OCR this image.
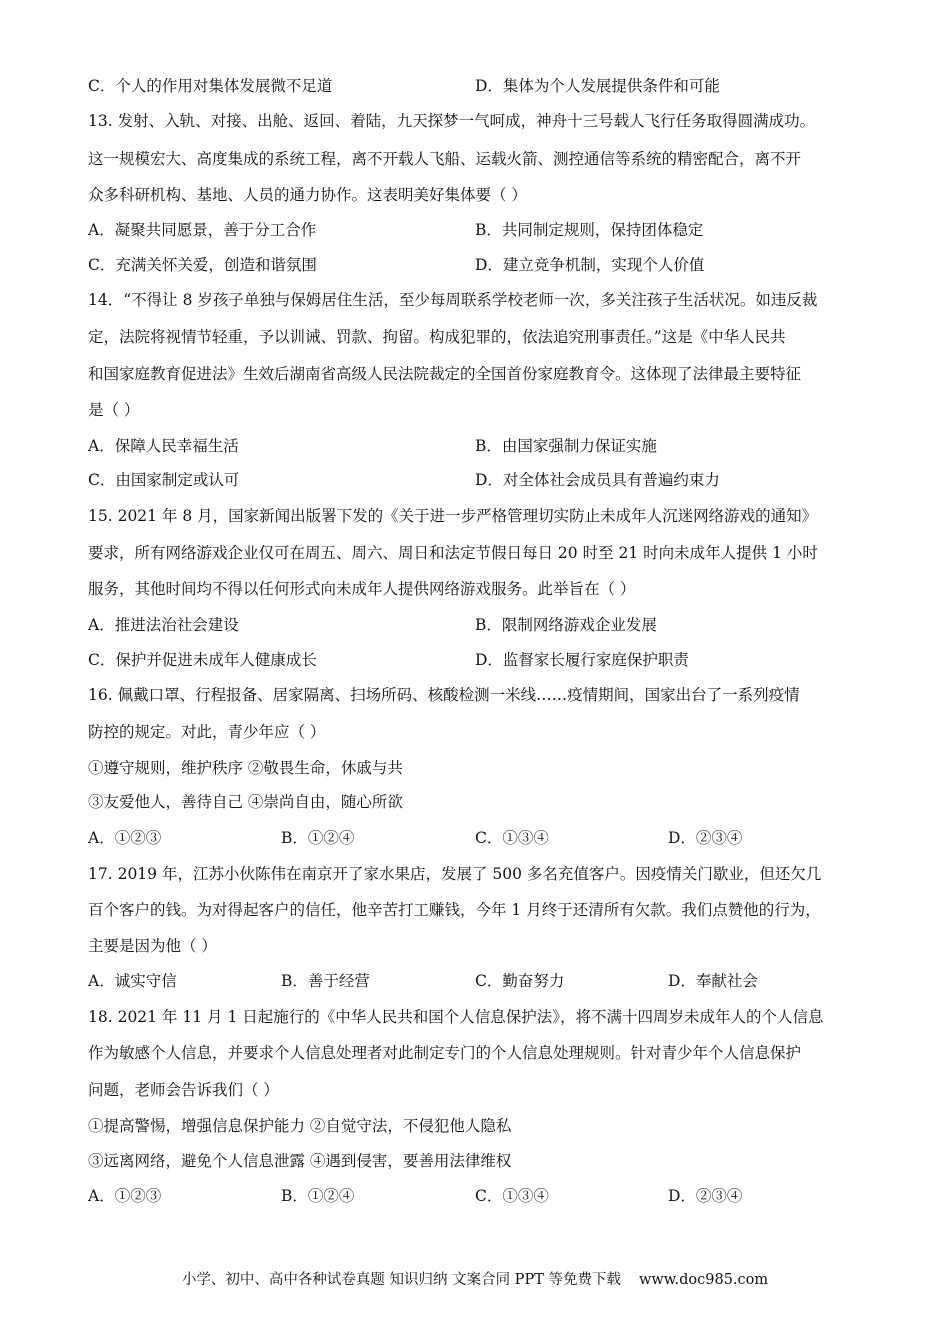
C．个人的作用对集体发展微不足道	D．集体为个人发展提供条件和可能
13. 发射、入轨、对接、出舱、返回、着陆，九天探梦一气呵成，神舟十三号载人飞行任务取得圆满成功。
这一规模宏大、高度集成的系统工程，离不开载人飞船、运载火箭、测控通信等系统的精密配合，离不开
众多科研机构、基地、人员的通力协作。这表明美好集体要（ ）
A．凝聚共同愿景，善于分工合作	B．共同制定规则，保持团体稳定
C．充满关怀关爱，创造和谐氛围	D．建立竞争机制，实现个人价值
14．“不得让 8 岁孩子单独与保姆居住生活，至少每周联系学校老师一次，多关注孩子生活状况。如违反裁
定，法院将视情节轻重，予以训诫、罚款、拘留。构成犯罪的，依法追究刑事责任。”这是《中华人民共
和国家庭教育促进法》生效后湖南省高级人民法院裁定的全国首份家庭教育令。这体现了法律最主要特征
是（ ）
A．保障人民幸福生活	B．由国家强制力保证实施
C．由国家制定或认可	D．对全体社会成员具有普遍约束力
15. 2021 年 8 月，国家新闻出版署下发的《关于进一步严格管理切实防止未成年人沉迷网络游戏的通知》
要求，所有网络游戏企业仅可在周五、周六、周日和法定节假日每日 20 时至 21 时向未成年人提供 1 小时
服务，其他时间均不得以任何形式向未成年人提供网络游戏服务。此举旨在（ ）
A．推进法治社会建设	B．限制网络游戏企业发展
C．保护并促进未成年人健康成长	D．监督家长履行家庭保护职责
16. 佩戴口罩、行程报备、居家隔离、扫场所码、核酸检测一米线……疫情期间，国家出台了一系列疫情
防控的规定。对此，青少年应（ ）
①遵守规则，维护秩序 ②敬畏生命，休戚与共
③友爱他人，善待自己 ④崇尚自由，随心所欲
A．①②③	B．①②④	C．①③④	D．②③④
17. 2019 年，江苏小伙陈伟在南京开了家水果店，发展了 500 多名充值客户。因疫情关门歇业，但还欠几
百个客户的钱。为对得起客户的信任，他辛苦打工赚钱，今年 1 月终于还清所有欠款。我们点赞他的行为，
主要是因为他（ ）
A．诚实守信	B．善于经营	C．勤奋努力	D．奉献社会
18. 2021 年 11 月 1 日起施行的《中华人民共和国个人信息保护法》，将不满十四周岁未成年人的个人信息
作为敏感个人信息，并要求个人信息处理者对此制定专门的个人信息处理规则。针对青少年个人信息保护
问题，老师会告诉我们（ ）
①提高警惕，增强信息保护能力 ②自觉守法，不侵犯他人隐私
③远离网络，避免个人信息泄露 ④遇到侵害，要善用法律维权
A．①②③	B．①②④	C．①③④	D．②③④
小学、初中、高中各种试卷真题 知识归纳 文案合同 PPT 等免费下载 www.doc985.com
